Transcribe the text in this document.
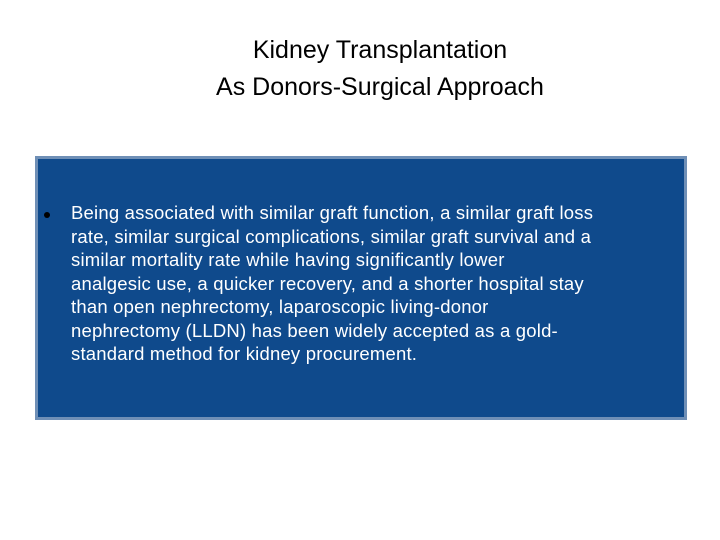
Kidney Transplantation
As Donors-Surgical Approach
Being associated with similar graft function, a similar graft loss
rate, similar surgical complications, similar graft survival and a
similar mortality rate while having significantly lower
analgesic use, a quicker recovery, and a shorter hospital stay
than open nephrectomy, laparoscopic living-donor
nephrectomy (LLDN) has been widely accepted as a gold-
standard method for kidney procurement.
